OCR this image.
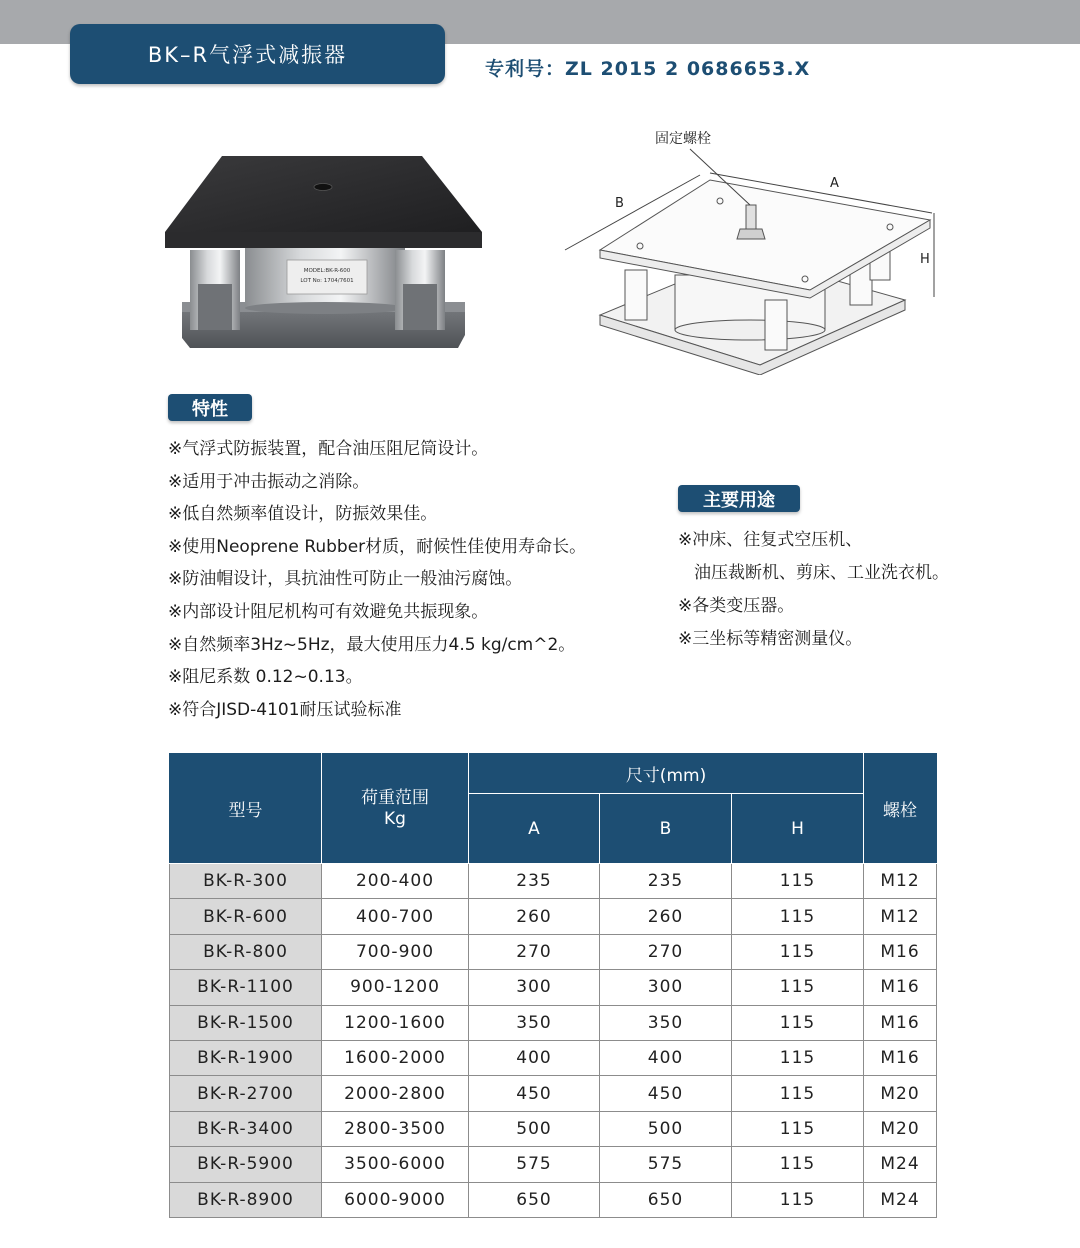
BK–R气浮式减振器
专利号：ZL 2015 2 0686653.X
MODEL:BK-R-600
LOT No: 1704/7601
固定螺栓
A
B
H
特性
※气浮式防振装置，配合油压阻尼筒设计。
※适用于冲击振动之消除。
※低自然频率值设计，防振效果佳。
※使用Neoprene Rubber材质，耐候性佳使用寿命长。
※防油帽设计，具抗油性可防止一般油污腐蚀。
※内部设计阻尼机构可有效避免共振现象。
※自然频率3Hz~5Hz，最大使用压力4.5 kg/cm^2。
※阻尼系数 0.12~0.13。
※符合JISD-4101耐压试验标准
主要用途
※冲床、往复式空压机、
油压裁断机、剪床、工业洗衣机。
※各类变压器。
※三坐标等精密测量仪。
型号	荷重范围
Kg	尺寸(mm)			螺栓
		A	B	H	
BK-R-300	200-400	235	235	115	M12
BK-R-600	400-700	260	260	115	M12
BK-R-800	700-900	270	270	115	M16
BK-R-1100	900-1200	300	300	115	M16
BK-R-1500	1200-1600	350	350	115	M16
BK-R-1900	1600-2000	400	400	115	M16
BK-R-2700	2000-2800	450	450	115	M20
BK-R-3400	2800-3500	500	500	115	M20
BK-R-5900	3500-6000	575	575	115	M24
BK-R-8900	6000-9000	650	650	115	M24
